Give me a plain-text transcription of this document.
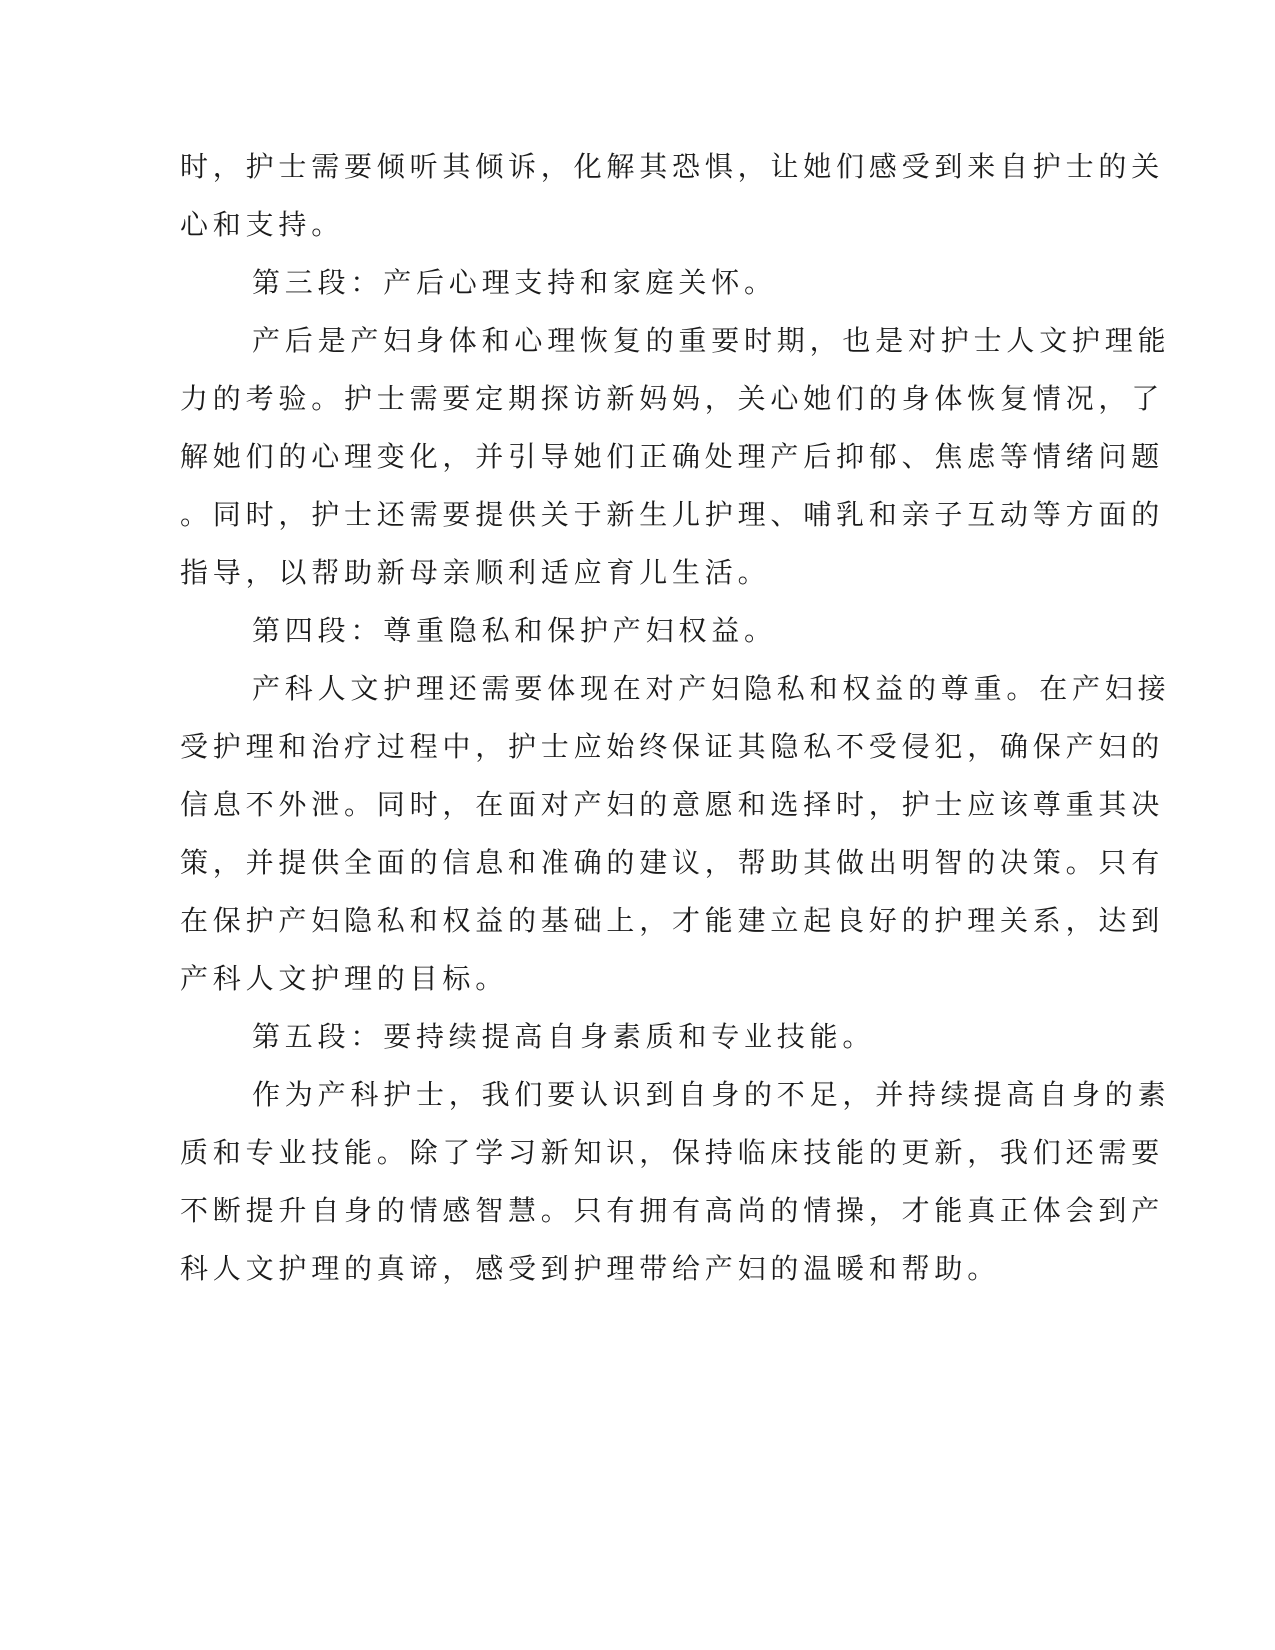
时，护士需要倾听其倾诉，化解其恐惧，让她们感受到来自护士的关
心和支持。
第三段：产后心理支持和家庭关怀。
产后是产妇身体和心理恢复的重要时期，也是对护士人文护理能
力的考验。护士需要定期探访新妈妈，关心她们的身体恢复情况，了
解她们的心理变化，并引导她们正确处理产后抑郁、焦虑等情绪问题
。同时，护士还需要提供关于新生儿护理、哺乳和亲子互动等方面的
指导，以帮助新母亲顺利适应育儿生活。
第四段：尊重隐私和保护产妇权益。
产科人文护理还需要体现在对产妇隐私和权益的尊重。在产妇接
受护理和治疗过程中，护士应始终保证其隐私不受侵犯，确保产妇的
信息不外泄。同时，在面对产妇的意愿和选择时，护士应该尊重其决
策，并提供全面的信息和准确的建议，帮助其做出明智的决策。只有
在保护产妇隐私和权益的基础上，才能建立起良好的护理关系，达到
产科人文护理的目标。
第五段：要持续提高自身素质和专业技能。
作为产科护士，我们要认识到自身的不足，并持续提高自身的素
质和专业技能。除了学习新知识，保持临床技能的更新，我们还需要
不断提升自身的情感智慧。只有拥有高尚的情操，才能真正体会到产
科人文护理的真谛，感受到护理带给产妇的温暖和帮助。
